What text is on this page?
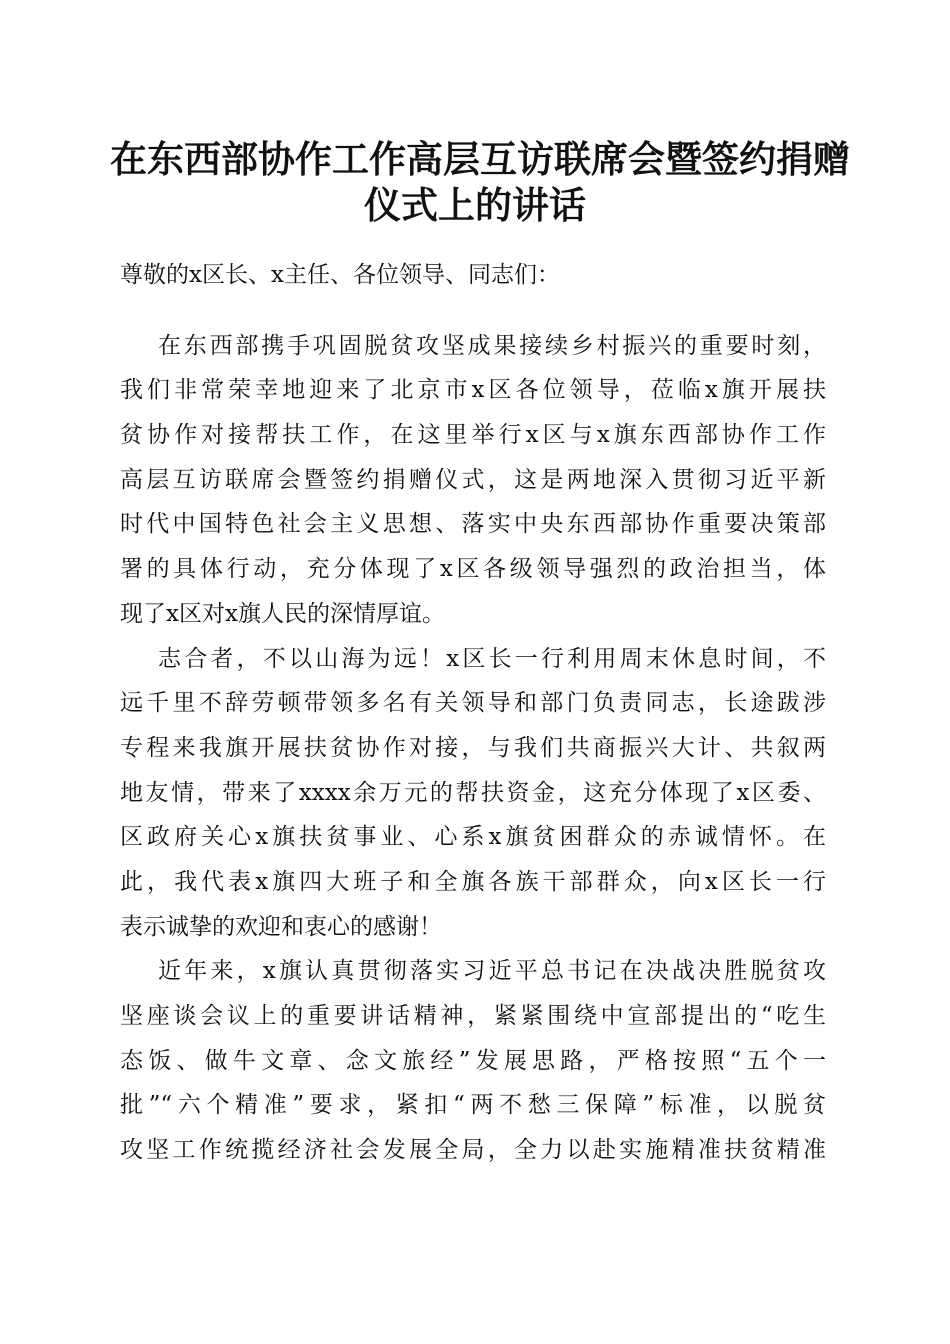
在东西部协作工作高层互访联席会暨签约捐赠
仪式上的讲话
尊敬的x区长、x主任、各位领导、同志们：
在东西部携手巩固脱贫攻坚成果接续乡村振兴的重要时刻，
我们非常荣幸地迎来了北京市x区各位领导，莅临x旗开展扶
贫协作对接帮扶工作，在这里举行x区与x旗东西部协作工作
高层互访联席会暨签约捐赠仪式，这是两地深入贯彻习近平新
时代中国特色社会主义思想、落实中央东西部协作重要决策部
署的具体行动，充分体现了x区各级领导强烈的政治担当，体
现了x区对x旗人民的深情厚谊。
志合者，不以山海为远！x区长一行利用周末休息时间，不
远千里不辞劳顿带领多名有关领导和部门负责同志，长途跋涉
专程来我旗开展扶贫协作对接，与我们共商振兴大计、共叙两
地友情，带来了xxxx余万元的帮扶资金，这充分体现了x区委、
区政府关心x旗扶贫事业、心系x旗贫困群众的赤诚情怀。在
此，我代表x旗四大班子和全旗各族干部群众，向x区长一行
表示诚挚的欢迎和衷心的感谢！
近年来，x旗认真贯彻落实习近平总书记在决战决胜脱贫攻
坚座谈会议上的重要讲话精神，紧紧围绕中宣部提出的“吃生
态饭、做牛文章、念文旅经”发展思路，严格按照“五个一
批”“六个精准”要求，紧扣“两不愁三保障”标准，以脱贫
攻坚工作统揽经济社会发展全局，全力以赴实施精准扶贫精准
